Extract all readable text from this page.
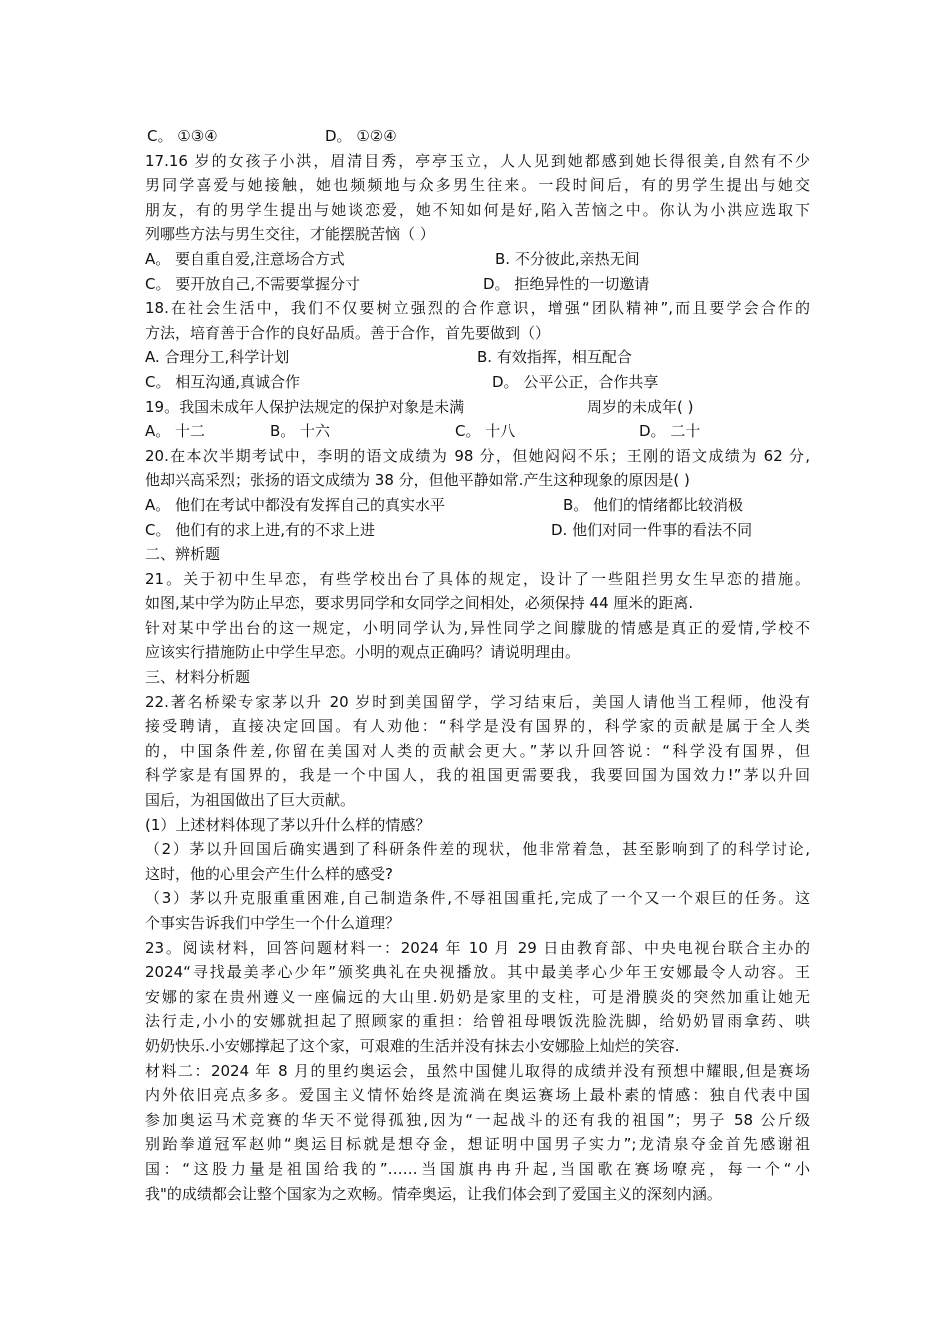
C。 ①③④	D。 ①②④
17.16 岁的女孩子小洪，眉清目秀，亭亭玉立，人人见到她都感到她长得很美,自然有不少
男同学喜爱与她接触，她也频频地与众多男生往来。一段时间后，有的男学生提出与她交
朋友，有的男学生提出与她谈恋爱，她不知如何是好,陷入苦恼之中。你认为小洪应选取下
列哪些方法与男生交往，才能摆脱苦恼（ ）
A。 要自重自爱,注意场合方式	B. 不分彼此,亲热无间
C。 要开放自己,不需要掌握分寸	D。 拒绝异性的一切邀请
18.在社会生活中，我们不仅要树立强烈的合作意识，增强“团队精神”,而且要学会合作的
方法，培育善于合作的良好品质。善于合作，首先要做到（）
A. 合理分工,科学计划	B. 有效指挥，相互配合
C。 相互沟通,真诚合作	D。 公平公正，合作共享
19。我国未成年人保护法规定的保护对象是未满	周岁的未成年( )
A。 十二	B。 十六	C。 十八	D。 二十
20.在本次半期考试中，李明的语文成绩为 98 分，但她闷闷不乐；王刚的语文成绩为 62 分,
他却兴高采烈；张扬的语文成绩为 38 分，但他平静如常.产生这种现象的原因是( )
A。 他们在考试中都没有发挥自己的真实水平	B。 他们的情绪都比较消极
C。 他们有的求上进,有的不求上进	D. 他们对同一件事的看法不同
二、辨析题
21。关于初中生早恋，有些学校出台了具体的规定，设计了一些阻拦男女生早恋的措施。
如图,某中学为防止早恋，要求男同学和女同学之间相处，必须保持 44 厘米的距离.
针对某中学出台的这一规定，小明同学认为,异性同学之间朦胧的情感是真正的爱情,学校不
应该实行措施防止中学生早恋。小明的观点正确吗？请说明理由。
三、材料分析题
22.著名桥梁专家茅以升 20 岁时到美国留学，学习结束后，美国人请他当工程师，他没有
接受聘请，直接决定回国。有人劝他：“科学是没有国界的，科学家的贡献是属于全人类
的，中国条件差,你留在美国对人类的贡献会更大。”茅以升回答说：“科学没有国界，但
科学家是有国界的，我是一个中国人，我的祖国更需要我，我要回国为国效力!”茅以升回
国后，为祖国做出了巨大贡献。
(1）上述材料体现了茅以升什么样的情感？
（2）茅以升回国后确实遇到了科研条件差的现状，他非常着急，甚至影响到了的科学讨论,
这时，他的心里会产生什么样的感受?
（3）茅以升克服重重困难,自己制造条件,不辱祖国重托,完成了一个又一个艰巨的任务。这
个事实告诉我们中学生一个什么道理？
23。阅读材料，回答问题材料一：2024 年 10 月 29 日由教育部、中央电视台联合主办的
2024“寻找最美孝心少年”颁奖典礼在央视播放。其中最美孝心少年王安娜最令人动容。王
安娜的家在贵州遵义一座偏远的大山里.奶奶是家里的支柱，可是滑膜炎的突然加重让她无
法行走,小小的安娜就担起了照顾家的重担：给曾祖母喂饭洗脸洗脚，给奶奶冒雨拿药、哄
奶奶快乐.小安娜撑起了这个家，可艰难的生活并没有抹去小安娜脸上灿烂的笑容.
材料二：2024 年 8 月的里约奥运会，虽然中国健儿取得的成绩并没有预想中耀眼,但是赛场
内外依旧亮点多多。爱国主义情怀始终是流淌在奥运赛场上最朴素的情感：独自代表中国
参加奥运马术竞赛的华天不觉得孤独,因为“一起战斗的还有我的祖国”；男子 58 公斤级
别跆拳道冠军赵帅“奥运目标就是想夺金，想证明中国男子实力”;龙清泉夺金首先感谢祖
国：“这股力量是祖国给我的”……当国旗冉冉升起,当国歌在赛场嘹亮，每一个“小
我"的成绩都会让整个国家为之欢畅。情牵奥运，让我们体会到了爱国主义的深刻内涵。
